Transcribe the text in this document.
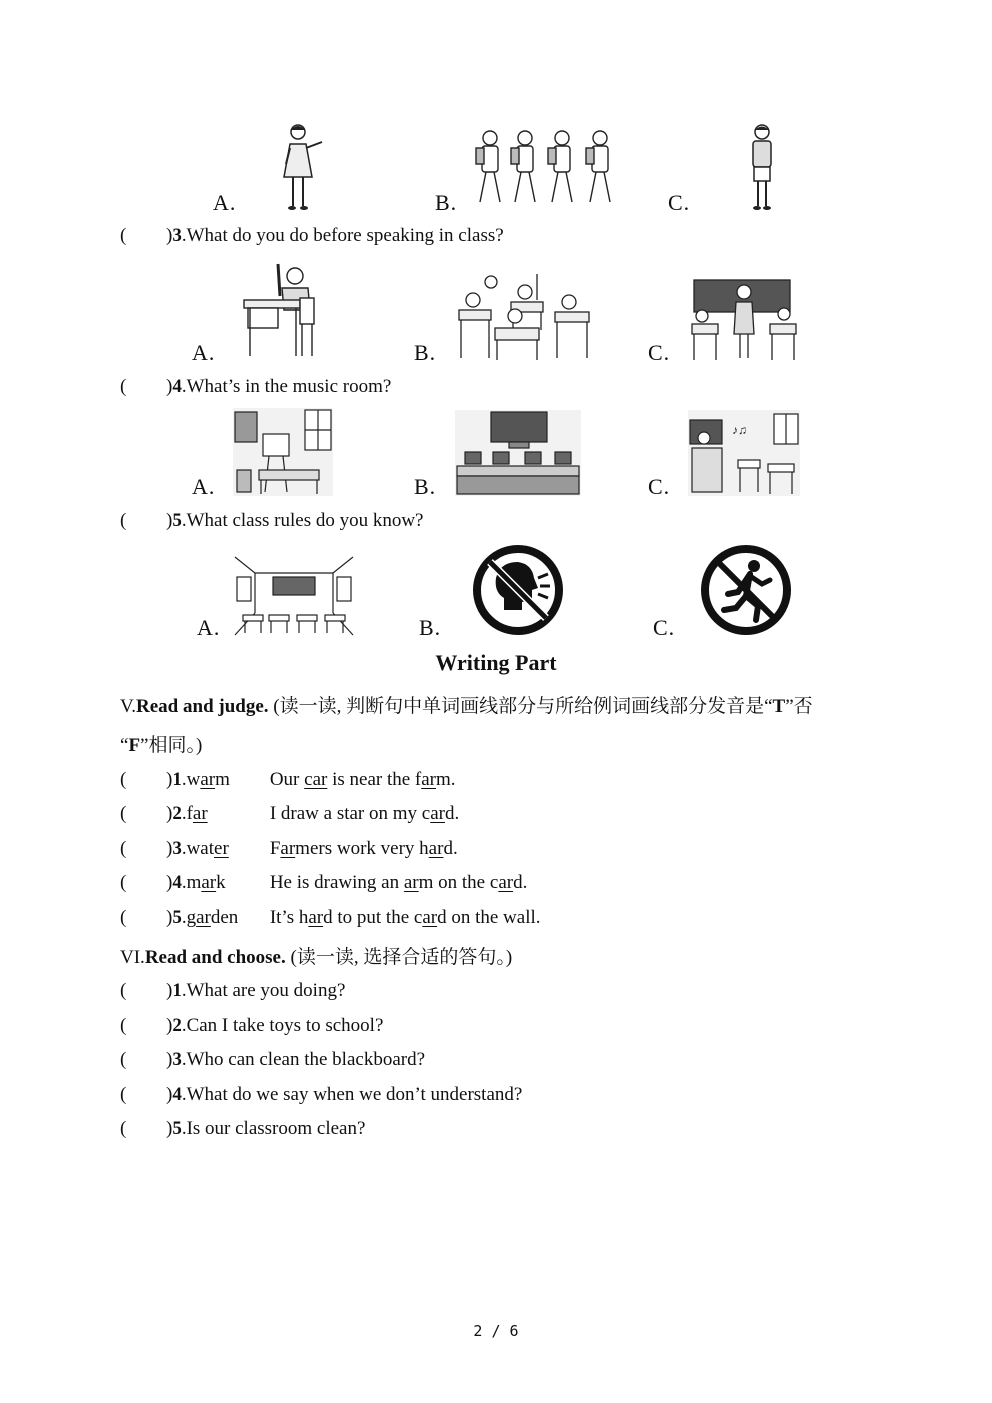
A.	B.	C.
( )3.What do you do before speaking in class?
A.	B.	C.
( )4.What’s in the music room?
A.	B.	C.
♪♫
( )5.What class rules do you know?
A.	B.	C.
Writing Part
V.Read and judge. (读一读, 判断句中单词画线部分与所给例词画线部分发音是“T”否
“F”相同。)
( )1.warm Our car is near the farm.
( )2.far	I draw a star on my card.
( )3.water Farmers work very hard.
( )4.mark He is drawing an arm on the card.
( )5.garden It’s hard to put the card on the wall.
VI.Read and choose. (读一读, 选择合适的答句。)
( )1.What are you doing?
( )2.Can I take toys to school?
( )3.Who can clean the blackboard?
( )4.What do we say when we don’t understand?
( )5.Is our classroom clean?
2 / 6
